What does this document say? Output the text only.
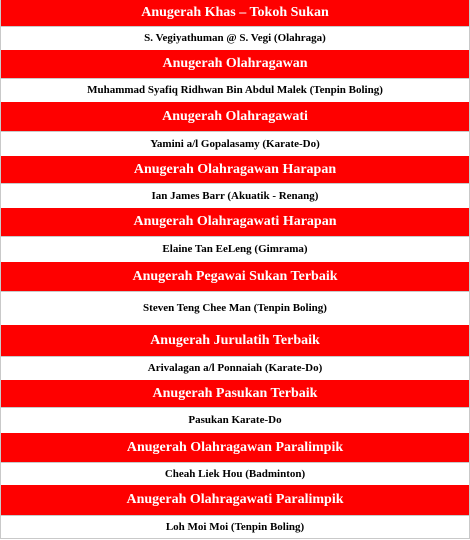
Anugerah Khas – Tokoh Sukan
S. Vegiyathuman @ S. Vegi (Olahraga)
Anugerah Olahragawan
Muhammad Syafiq Ridhwan Bin Abdul Malek (Tenpin Boling)
Anugerah Olahragawati
Yamini a/l Gopalasamy (Karate-Do)
Anugerah Olahragawan Harapan
Ian James Barr (Akuatik - Renang)
Anugerah Olahragawati Harapan
Elaine Tan EeLeng (Gimrama)
Anugerah Pegawai Sukan Terbaik
Steven Teng Chee Man (Tenpin Boling)
Anugerah Jurulatih Terbaik
Arivalagan a/l Ponnaiah (Karate-Do)
Anugerah Pasukan Terbaik
Pasukan Karate-Do
Anugerah Olahragawan Paralimpik
Cheah Liek Hou (Badminton)
Anugerah Olahragawati Paralimpik
Loh Moi Moi (Tenpin Boling)
